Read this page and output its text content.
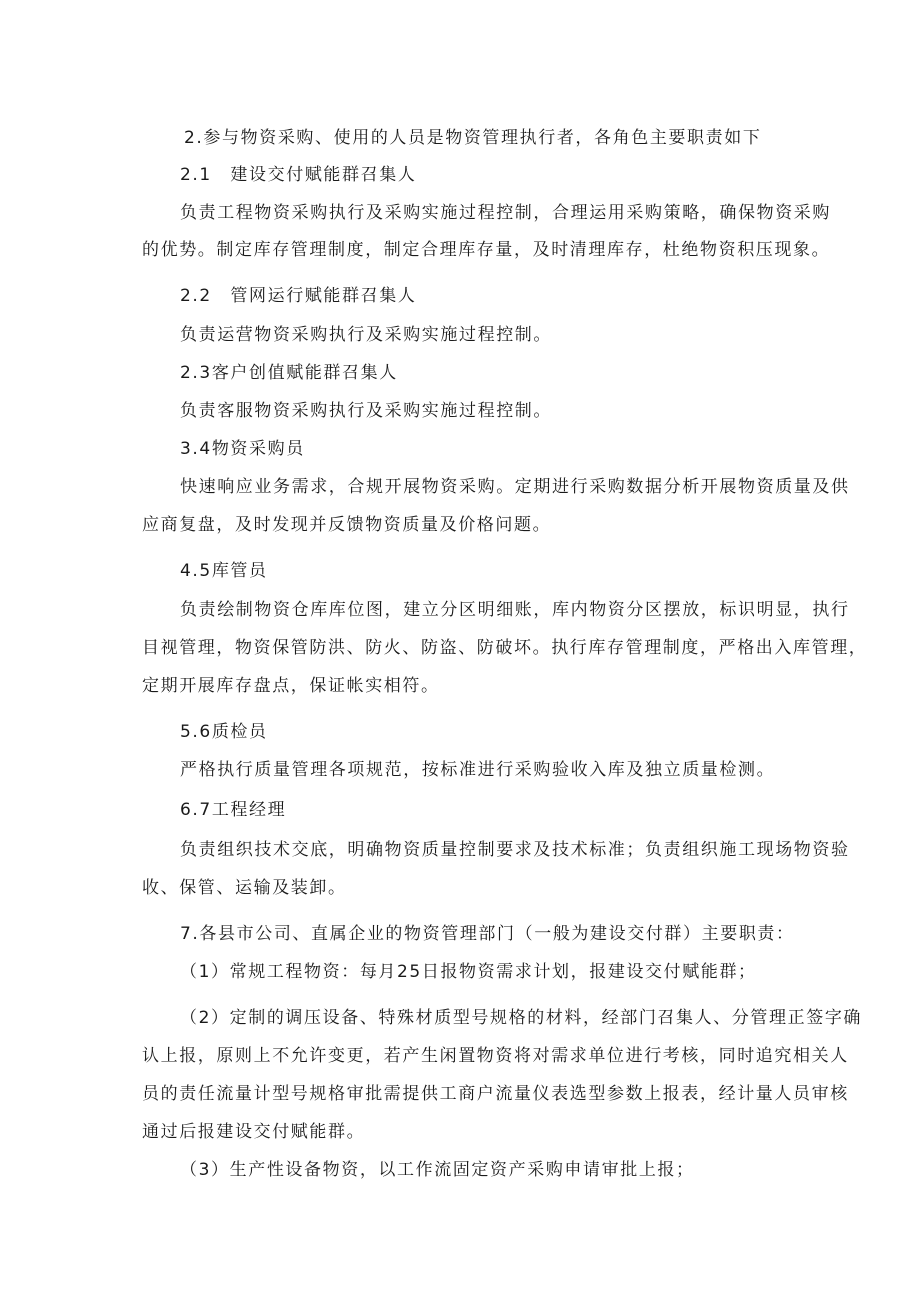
2.参与物资采购、使用的人员是物资管理执行者，各角色主要职责如下
2.1　建设交付赋能群召集人
负责工程物资采购执行及采购实施过程控制，合理运用采购策略，确保物资采购
的优势。制定库存管理制度，制定合理库存量，及时清理库存，杜绝物资积压现象。
2.2　管网运行赋能群召集人
负责运营物资采购执行及采购实施过程控制。
2.3客户创值赋能群召集人
负责客服物资采购执行及采购实施过程控制。
3.4物资采购员
快速响应业务需求，合规开展物资采购。定期进行采购数据分析开展物资质量及供
应商复盘，及时发现并反馈物资质量及价格问题。
4.5库管员
负责绘制物资仓库库位图，建立分区明细账，库内物资分区摆放，标识明显，执行
目视管理，物资保管防洪、防火、防盗、防破坏。执行库存管理制度，严格出入库管理，
定期开展库存盘点，保证帐实相符。
5.6质检员
严格执行质量管理各项规范，按标准进行采购验收入库及独立质量检测。
6.7工程经理
负责组织技术交底，明确物资质量控制要求及技术标准；负责组织施工现场物资验
收、保管、运输及装卸。
7.各县市公司、直属企业的物资管理部门（一般为建设交付群）主要职责：
（1）常规工程物资：每月25日报物资需求计划，报建设交付赋能群；
（2）定制的调压设备、特殊材质型号规格的材料，经部门召集人、分管理正签字确
认上报，原则上不允许变更，若产生闲置物资将对需求单位进行考核，同时追究相关人
员的责任流量计型号规格审批需提供工商户流量仪表选型参数上报表，经计量人员审核
通过后报建设交付赋能群。
（3）生产性设备物资，以工作流固定资产采购申请审批上报；
